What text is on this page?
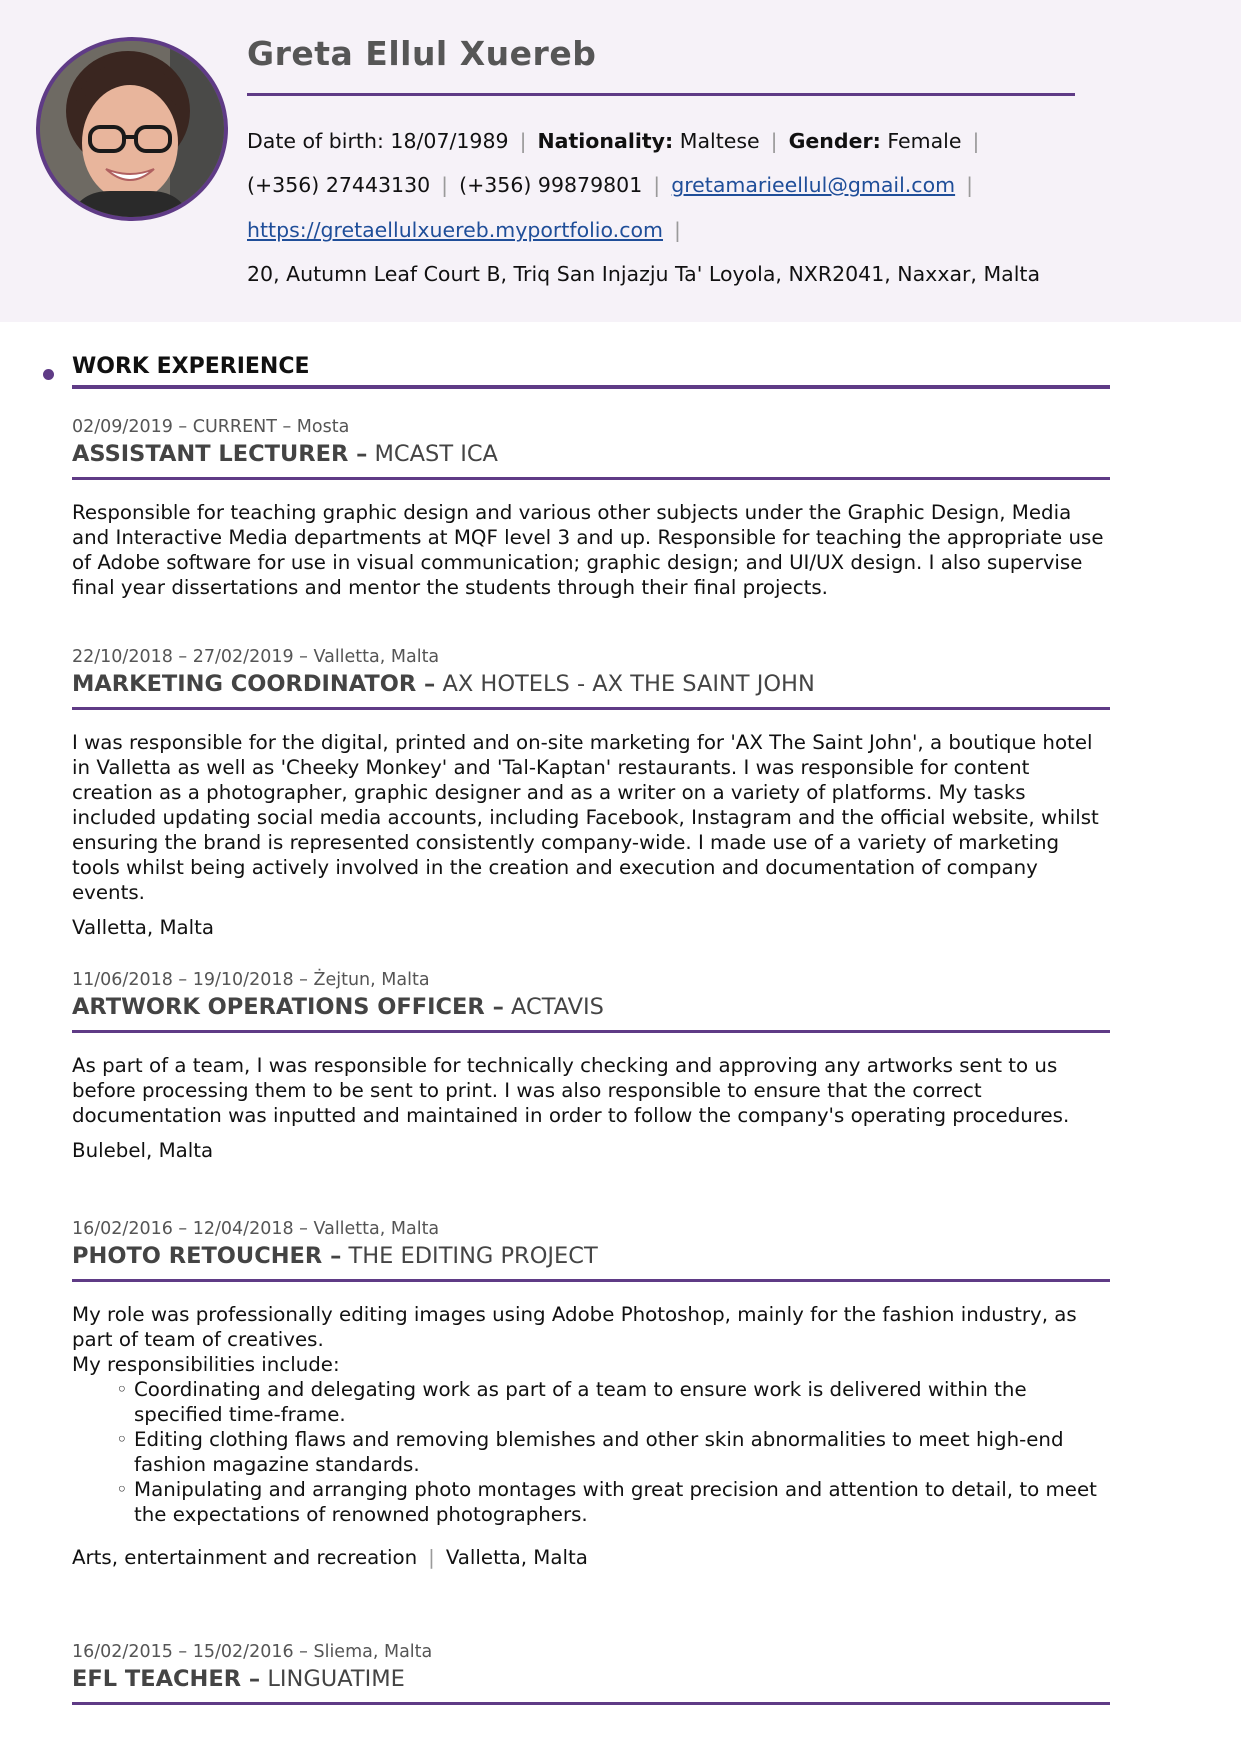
Greta Ellul Xuereb
Date of birth: 18/07/1989 | Nationality: Maltese | Gender: Female |
(+356) 27443130 | (+356) 99879801 | gretamarieellul@gmail.com |
https://gretaellulxuereb.myportfolio.com |
20, Autumn Leaf Court B, Triq San Injazju Ta' Loyola, NXR2041, Naxxar, Malta
WORK EXPERIENCE
02/09/2019 – CURRENT – Mosta
ASSISTANT LECTURER – MCAST ICA

Responsible for teaching graphic design and various other subjects under the Graphic Design, Media and Interactive Media departments at MQF level 3 and up. Responsible for teaching the appropriate use of Adobe software for use in visual communication; graphic design; and UI/UX design. I also supervise final year dissertations and mentor the students through their final projects.

22/10/2018 – 27/02/2019 – Valletta, Malta
MARKETING COORDINATOR – AX HOTELS - AX THE SAINT JOHN

I was responsible for the digital, printed and on-site marketing for 'AX The Saint John', a boutique hotel in Valletta as well as 'Cheeky Monkey' and 'Tal-Kaptan' restaurants. I was responsible for content creation as a photographer, graphic designer and as a writer on a variety of platforms. My tasks included updating social media accounts, including Facebook, Instagram and the official website, whilst ensuring the brand is represented consistently company-wide. I made use of a variety of marketing tools whilst being actively involved in the creation and execution and documentation of company events.

Valletta, Malta
11/06/2018 – 19/10/2018 – Żejtun, Malta
ARTWORK OPERATIONS OFFICER – ACTAVIS

As part of a team, I was responsible for technically checking and approving any artworks sent to us before processing them to be sent to print. I was also responsible to ensure that the correct documentation was inputted and maintained in order to follow the company's operating procedures.

Bulebel, Malta
16/02/2016 – 12/04/2018 – Valletta, Malta
PHOTO RETOUCHER – THE EDITING PROJECT

My role was professionally editing images using Adobe Photoshop, mainly for the fashion industry, as part of team of creatives.

My responsibilities include:

◦ Coordinating and delegating work as part of a team to ensure work is delivered within the specified time-frame.
◦ Editing clothing flaws and removing blemishes and other skin abnormalities to meet high-end fashion magazine standards.
◦ Manipulating and arranging photo montages with great precision and attention to detail, to meet the expectations of renowned photographers.
Arts, entertainment and recreation | Valletta, Malta
16/02/2015 – 15/02/2016 – Sliema, Malta
EFL TEACHER – LINGUATIME
